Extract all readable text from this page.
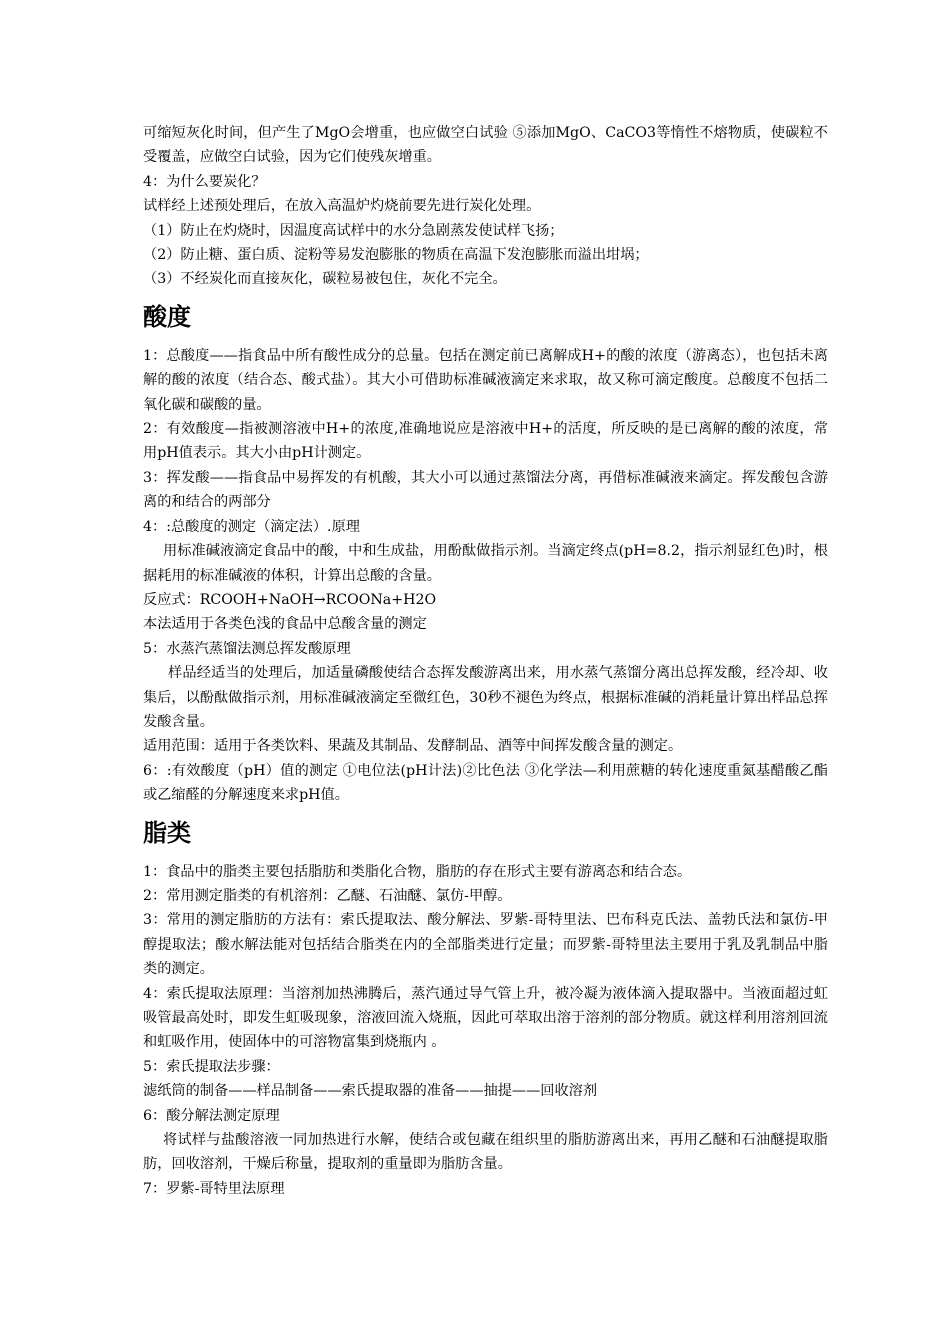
可缩短灰化时间，但产生了MgO会增重，也应做空白试验 ⑤添加MgO、CaCO3等惰性不熔物质，使碳粒不受覆盖，应做空白试验，因为它们使残灰增重。

4：为什么要炭化？

试样经上述预处理后，在放入高温炉灼烧前要先进行炭化处理。

（1）防止在灼烧时，因温度高试样中的水分急剧蒸发使试样飞扬；

（2）防止糖、蛋白质、淀粉等易发泡膨胀的物质在高温下发泡膨胀而溢出坩埚；

（3）不经炭化而直接灰化，碳粒易被包住，灰化不完全。

酸度

1：总酸度——指食品中所有酸性成分的总量。包括在测定前已离解成H+的酸的浓度（游离态），也包括未离解的酸的浓度（结合态、酸式盐）。其大小可借助标准碱液滴定来求取，故又称可滴定酸度。总酸度不包括二氧化碳和碳酸的量。

2：有效酸度—指被测溶液中H+的浓度,准确地说应是溶液中H+的活度，所反映的是已离解的酸的浓度，常用pH值表示。其大小由pH计测定。

3：挥发酸——指食品中易挥发的有机酸，其大小可以通过蒸馏法分离，再借标准碱液来滴定。挥发酸包含游离的和结合的两部分

4：:总酸度的测定（滴定法）.原理

用标准碱液滴定食品中的酸，中和生成盐，用酚酞做指示剂。当滴定终点(pH=8.2，指示剂显红色)时，根据耗用的标准碱液的体积，计算出总酸的含量。

反应式：RCOOH+NaOH→RCOONa+H2O

本法适用于各类色浅的食品中总酸含量的测定

5：水蒸汽蒸馏法测总挥发酸原理

样品经适当的处理后，加适量磷酸使结合态挥发酸游离出来，用水蒸气蒸馏分离出总挥发酸，经冷却、收集后，以酚酞做指示剂，用标准碱液滴定至微红色，30秒不褪色为终点，根据标准碱的消耗量计算出样品总挥发酸含量。

适用范围：适用于各类饮料、果蔬及其制品、发酵制品、酒等中间挥发酸含量的测定。

6：:有效酸度（pH）值的测定 ①电位法(pH计法)②比色法 ③化学法—利用蔗糖的转化速度重氮基醋酸乙酯或乙缩醛的分解速度来求pH值。

脂类

1：食品中的脂类主要包括脂肪和类脂化合物，脂肪的存在形式主要有游离态和结合态。

2：常用测定脂类的有机溶剂：乙醚、石油醚、氯仿-甲醇。

3：常用的测定脂肪的方法有：索氏提取法、酸分解法、罗紫-哥特里法、巴布科克氏法、盖勃氏法和氯仿-甲醇提取法；酸水解法能对包括结合脂类在内的全部脂类进行定量；而罗紫-哥特里法主要用于乳及乳制品中脂类的测定。

4：索氏提取法原理：当溶剂加热沸腾后，蒸汽通过导气管上升，被冷凝为液体滴入提取器中。当液面超过虹吸管最高处时，即发生虹吸现象，溶液回流入烧瓶，因此可萃取出溶于溶剂的部分物质。就这样利用溶剂回流和虹吸作用，使固体中的可溶物富集到烧瓶内 。

5：索氏提取法步骤：

滤纸筒的制备——样品制备——索氏提取器的准备——抽提——回收溶剂

6：酸分解法测定原理

将试样与盐酸溶液一同加热进行水解，使结合或包藏在组织里的脂肪游离出来，再用乙醚和石油醚提取脂肪，回收溶剂，干燥后称量，提取剂的重量即为脂肪含量。

7：罗紫-哥特里法原理
